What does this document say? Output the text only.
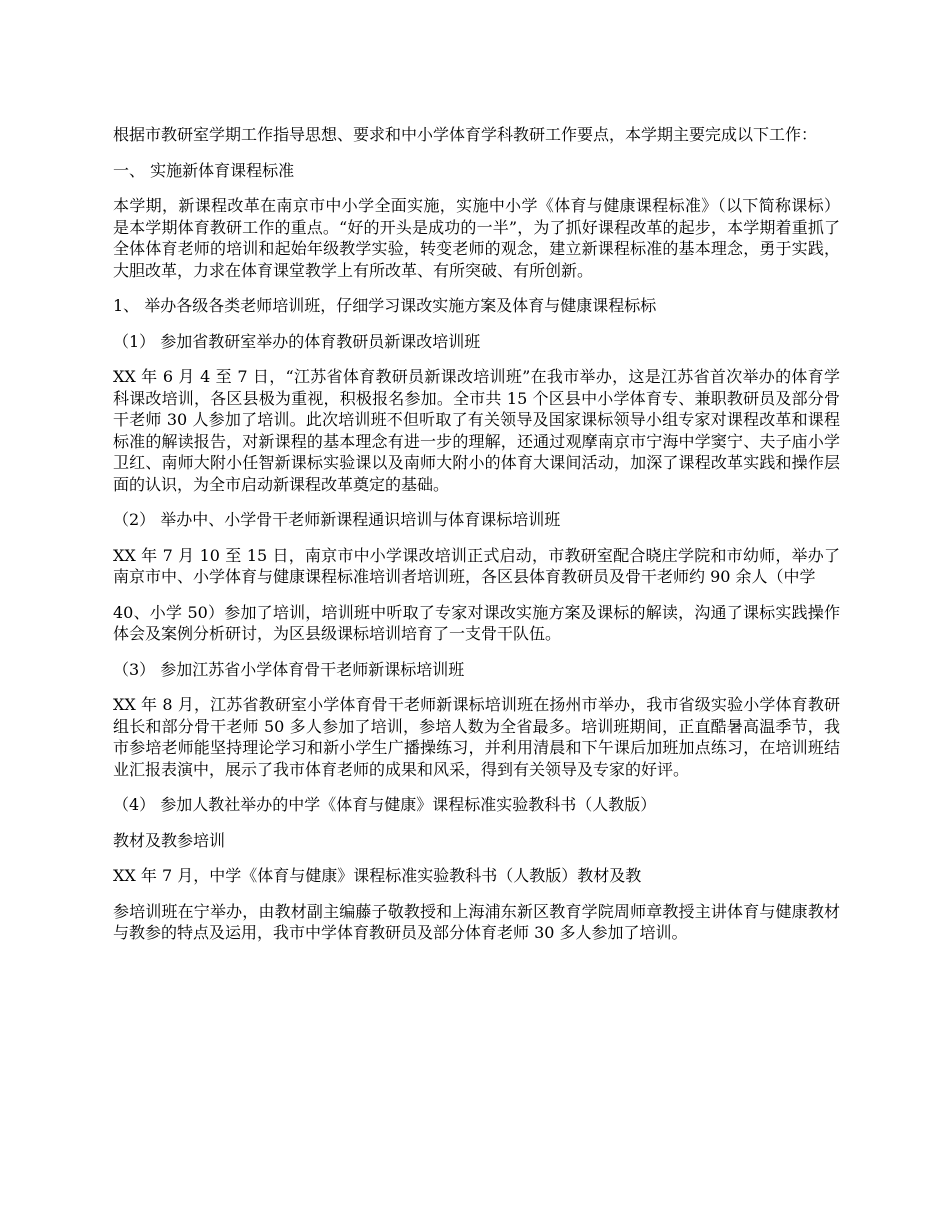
根据市教研室学期工作指导思想、要求和中小学体育学科教研工作要点，本学期主要完成以下工作：

一、 实施新体育课程标准

本学期，新课程改革在南京市中小学全面实施，实施中小学《体育与健康课程标准》（以下简称课标）是本学期体育教研工作的重点。“好的开头是成功的一半”，为了抓好课程改革的起步，本学期着重抓了全体体育老师的培训和起始年级教学实验，转变老师的观念，建立新课程标准的基本理念，勇于实践，大胆改革，力求在体育课堂教学上有所改革、有所突破、有所创新。

1、 举办各级各类老师培训班，仔细学习课改实施方案及体育与健康课程标标

（1） 参加省教研室举办的体育教研员新课改培训班

XX 年 6 月 4 至 7 日，“江苏省体育教研员新课改培训班”在我市举办，这是江苏省首次举办的体育学科课改培训，各区县极为重视，积极报名参加。全市共 15 个区县中小学体育专、兼职教研员及部分骨干老师 30 人参加了培训。此次培训班不但听取了有关领导及国家课标领导小组专家对课程改革和课程标准的解读报告，对新课程的基本理念有进一步的理解，还通过观摩南京市宁海中学窦宁、夫子庙小学卫红、南师大附小任智新课标实验课以及南师大附小的体育大课间活动，加深了课程改革实践和操作层面的认识，为全市启动新课程改革奠定的基础。

（2） 举办中、小学骨干老师新课程通识培训与体育课标培训班

XX 年 7 月 10 至 15 日，南京市中小学课改培训正式启动，市教研室配合晓庄学院和市幼师，举办了南京市中、小学体育与健康课程标准培训者培训班，各区县体育教研员及骨干老师约 90 余人（中学

40、小学 50）参加了培训，培训班中听取了专家对课改实施方案及课标的解读，沟通了课标实践操作体会及案例分析研讨，为区县级课标培训培育了一支骨干队伍。

（3） 参加江苏省小学体育骨干老师新课标培训班

XX 年 8 月，江苏省教研室小学体育骨干老师新课标培训班在扬州市举办，我市省级实验小学体育教研组长和部分骨干老师 50 多人参加了培训，参培人数为全省最多。培训班期间，正直酷暑高温季节，我市参培老师能坚持理论学习和新小学生广播操练习，并利用清晨和下午课后加班加点练习，在培训班结业汇报表演中，展示了我市体育老师的成果和风采，得到有关领导及专家的好评。

（4） 参加人教社举办的中学《体育与健康》课程标准实验教科书（人教版）

教材及教参培训

XX 年 7 月，中学《体育与健康》课程标准实验教科书（人教版）教材及教

参培训班在宁举办，由教材副主编藤子敬教授和上海浦东新区教育学院周师章教授主讲体育与健康教材与教参的特点及运用，我市中学体育教研员及部分体育老师 30 多人参加了培训。
